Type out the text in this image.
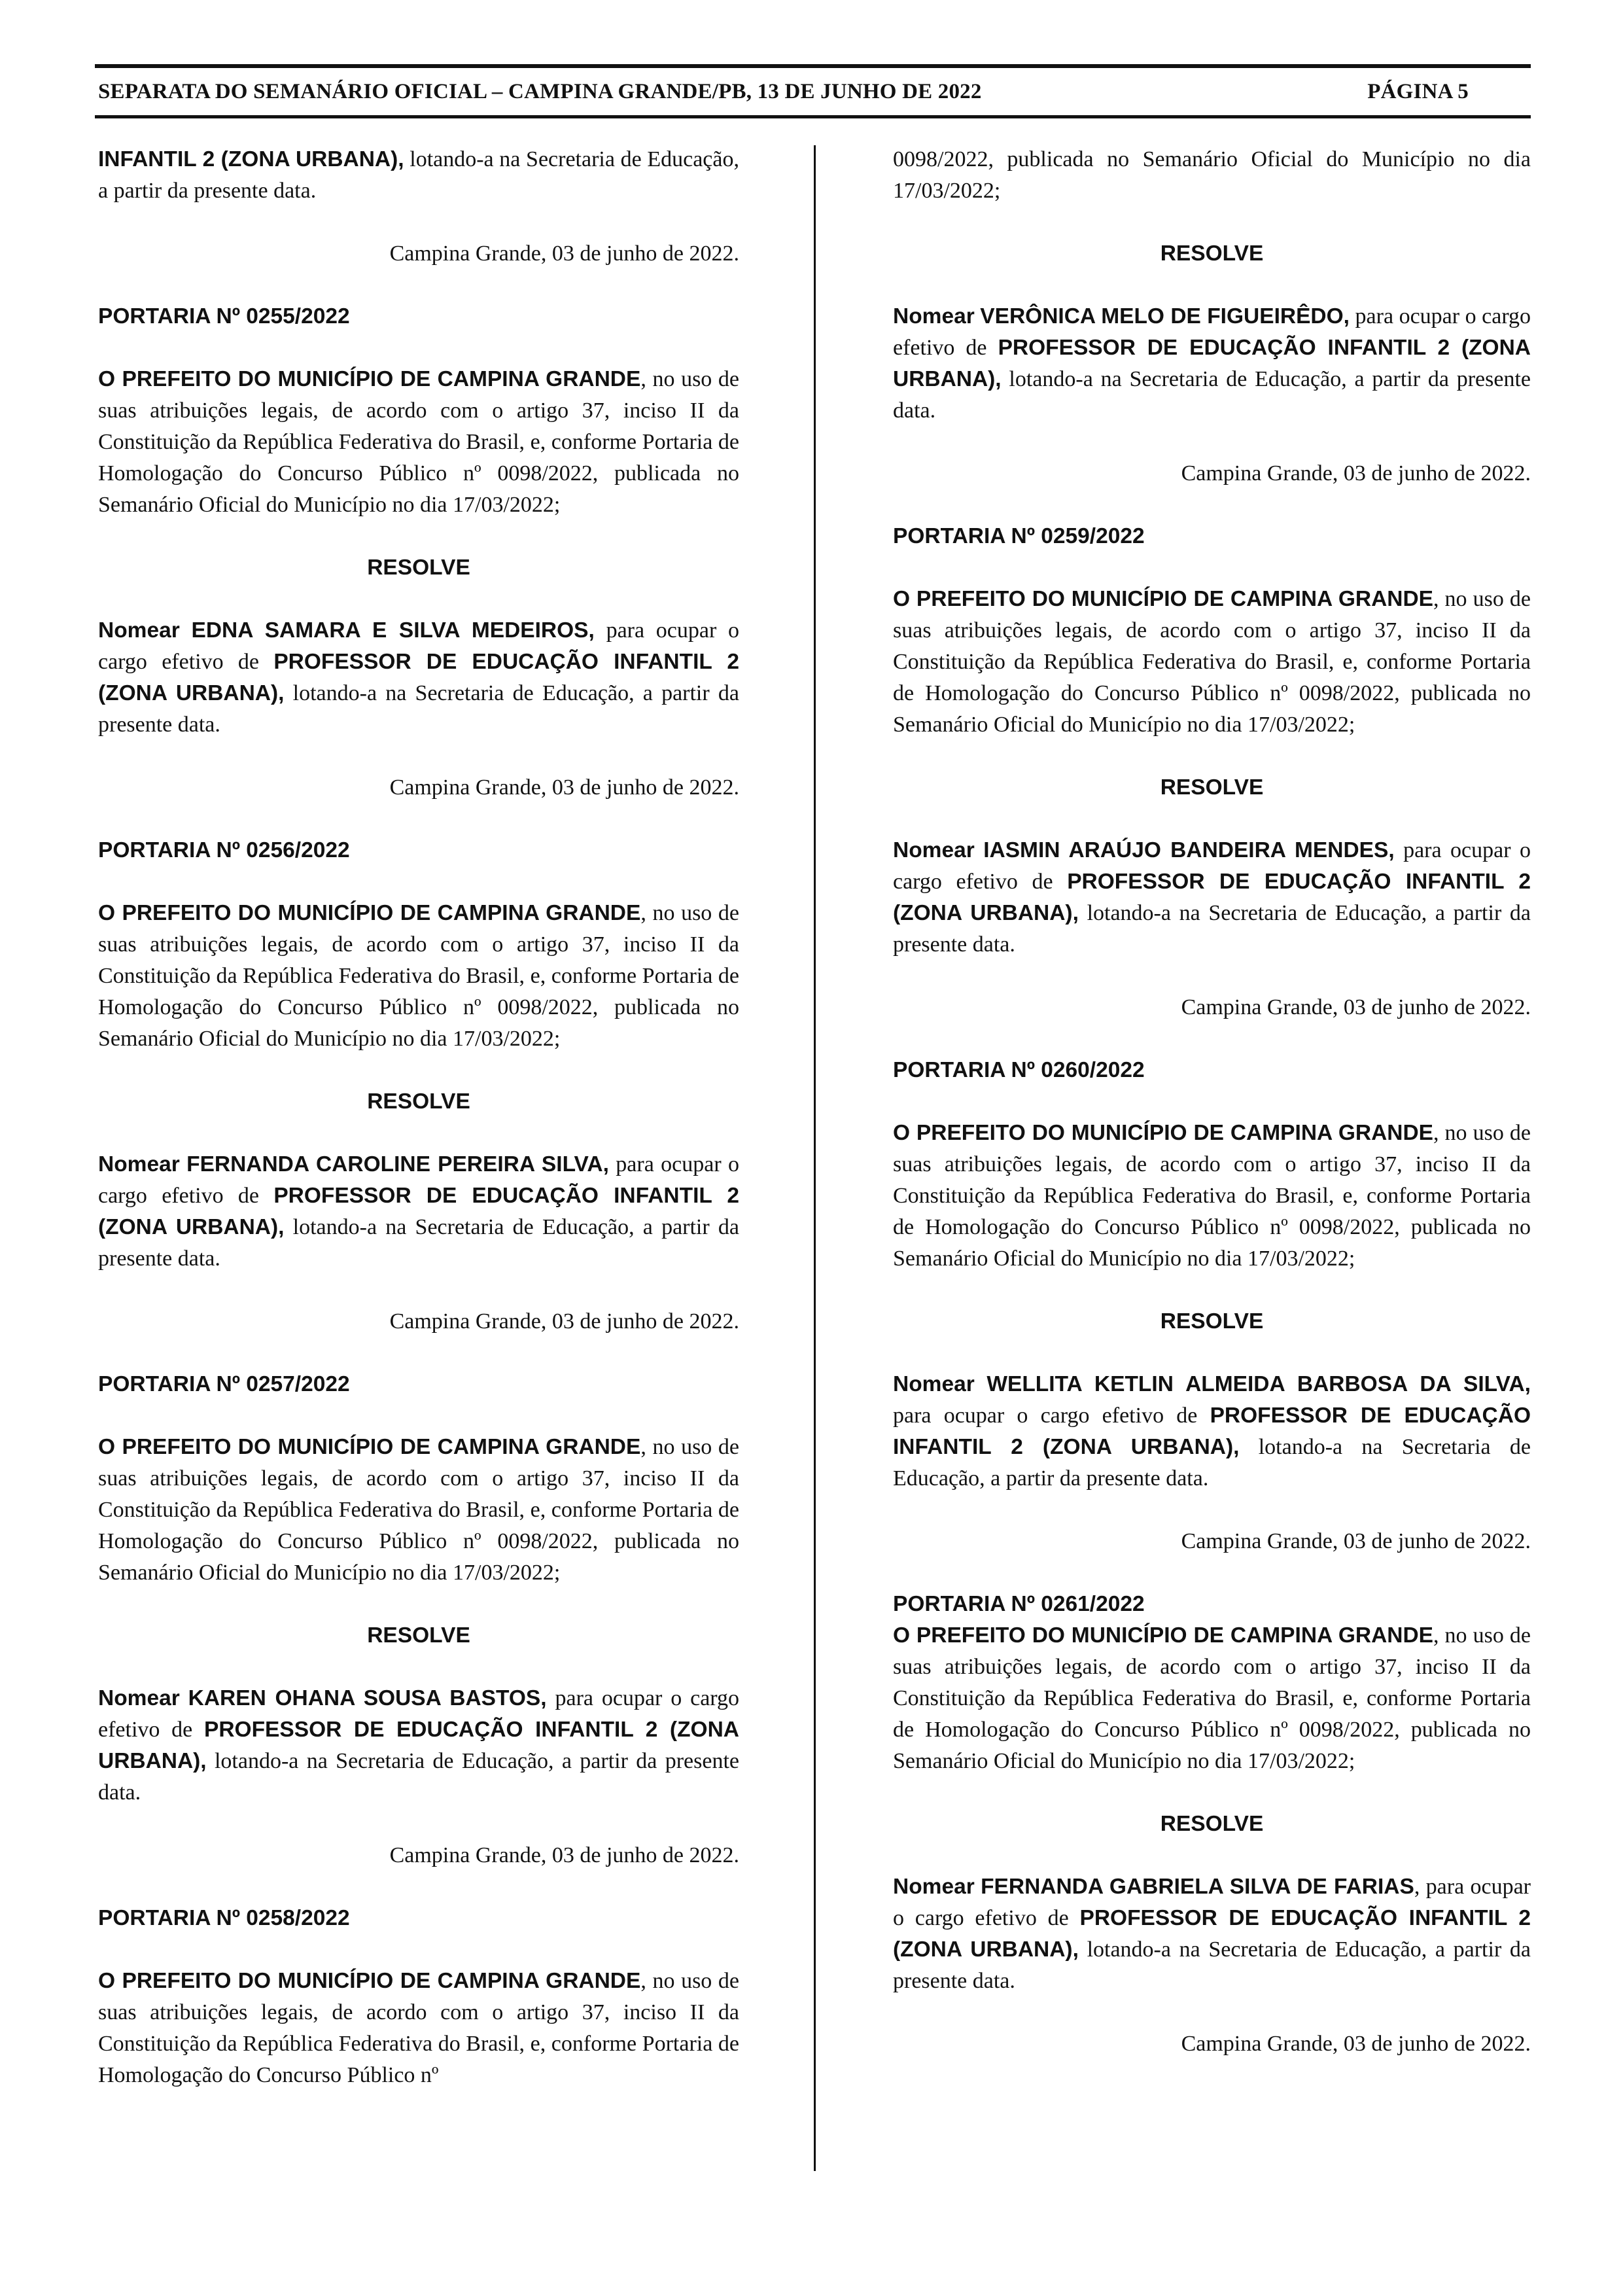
SEPARATA DO SEMANÁRIO OFICIAL – CAMPINA GRANDE/PB, 13 DE JUNHO DE 2022	PÁGINA 5

INFANTIL 2 (ZONA URBANA), lotando-a na Secretaria de Educação, a partir da presente data.

Campina Grande, 03 de junho de 2022.

PORTARIA Nº 0255/2022

O PREFEITO DO MUNICÍPIO DE CAMPINA GRANDE, no uso de suas atribuições legais, de acordo com o artigo 37, inciso II da Constituição da República Federativa do Brasil, e, conforme Portaria de Homologação do Concurso Público nº 0098/2022, publicada no Semanário Oficial do Município no dia 17/03/2022;

RESOLVE

Nomear EDNA SAMARA E SILVA MEDEIROS, para ocupar o cargo efetivo de PROFESSOR DE EDUCAÇÃO INFANTIL 2 (ZONA URBANA), lotando-a na Secretaria de Educação, a partir da presente data.

Campina Grande, 03 de junho de 2022.

PORTARIA Nº 0256/2022

O PREFEITO DO MUNICÍPIO DE CAMPINA GRANDE, no uso de suas atribuições legais, de acordo com o artigo 37, inciso II da Constituição da República Federativa do Brasil, e, conforme Portaria de Homologação do Concurso Público nº 0098/2022, publicada no Semanário Oficial do Município no dia 17/03/2022;

RESOLVE

Nomear FERNANDA CAROLINE PEREIRA SILVA, para ocupar o cargo efetivo de PROFESSOR DE EDUCAÇÃO INFANTIL 2 (ZONA URBANA), lotando-a na Secretaria de Educação, a partir da presente data.

Campina Grande, 03 de junho de 2022.

PORTARIA Nº 0257/2022

O PREFEITO DO MUNICÍPIO DE CAMPINA GRANDE, no uso de suas atribuições legais, de acordo com o artigo 37, inciso II da Constituição da República Federativa do Brasil, e, conforme Portaria de Homologação do Concurso Público nº 0098/2022, publicada no Semanário Oficial do Município no dia 17/03/2022;

RESOLVE

Nomear KAREN OHANA SOUSA BASTOS, para ocupar o cargo efetivo de PROFESSOR DE EDUCAÇÃO INFANTIL 2 (ZONA URBANA), lotando-a na Secretaria de Educação, a partir da presente data.

Campina Grande, 03 de junho de 2022.

PORTARIA Nº 0258/2022

O PREFEITO DO MUNICÍPIO DE CAMPINA GRANDE, no uso de suas atribuições legais, de acordo com o artigo 37, inciso II da Constituição da República Federativa do Brasil, e, conforme Portaria de Homologação do Concurso Público nº

0098/2022, publicada no Semanário Oficial do Município no dia 17/03/2022;

RESOLVE

Nomear VERÔNICA MELO DE FIGUEIRÊDO, para ocupar o cargo efetivo de PROFESSOR DE EDUCAÇÃO INFANTIL 2 (ZONA URBANA), lotando-a na Secretaria de Educação, a partir da presente data.

Campina Grande, 03 de junho de 2022.

PORTARIA Nº 0259/2022

O PREFEITO DO MUNICÍPIO DE CAMPINA GRANDE, no uso de suas atribuições legais, de acordo com o artigo 37, inciso II da Constituição da República Federativa do Brasil, e, conforme Portaria de Homologação do Concurso Público nº 0098/2022, publicada no Semanário Oficial do Município no dia 17/03/2022;

RESOLVE

Nomear IASMIN ARAÚJO BANDEIRA MENDES, para ocupar o cargo efetivo de PROFESSOR DE EDUCAÇÃO INFANTIL 2 (ZONA URBANA), lotando-a na Secretaria de Educação, a partir da presente data.

Campina Grande, 03 de junho de 2022.

PORTARIA Nº 0260/2022

O PREFEITO DO MUNICÍPIO DE CAMPINA GRANDE, no uso de suas atribuições legais, de acordo com o artigo 37, inciso II da Constituição da República Federativa do Brasil, e, conforme Portaria de Homologação do Concurso Público nº 0098/2022, publicada no Semanário Oficial do Município no dia 17/03/2022;

RESOLVE

Nomear WELLITA KETLIN ALMEIDA BARBOSA DA SILVA, para ocupar o cargo efetivo de PROFESSOR DE EDUCAÇÃO INFANTIL 2 (ZONA URBANA), lotando-a na Secretaria de Educação, a partir da presente data.

Campina Grande, 03 de junho de 2022.

PORTARIA Nº 0261/2022

O PREFEITO DO MUNICÍPIO DE CAMPINA GRANDE, no uso de suas atribuições legais, de acordo com o artigo 37, inciso II da Constituição da República Federativa do Brasil, e, conforme Portaria de Homologação do Concurso Público nº 0098/2022, publicada no Semanário Oficial do Município no dia 17/03/2022;

RESOLVE

Nomear FERNANDA GABRIELA SILVA DE FARIAS, para ocupar o cargo efetivo de PROFESSOR DE EDUCAÇÃO INFANTIL 2 (ZONA URBANA), lotando-a na Secretaria de Educação, a partir da presente data.

Campina Grande, 03 de junho de 2022.
